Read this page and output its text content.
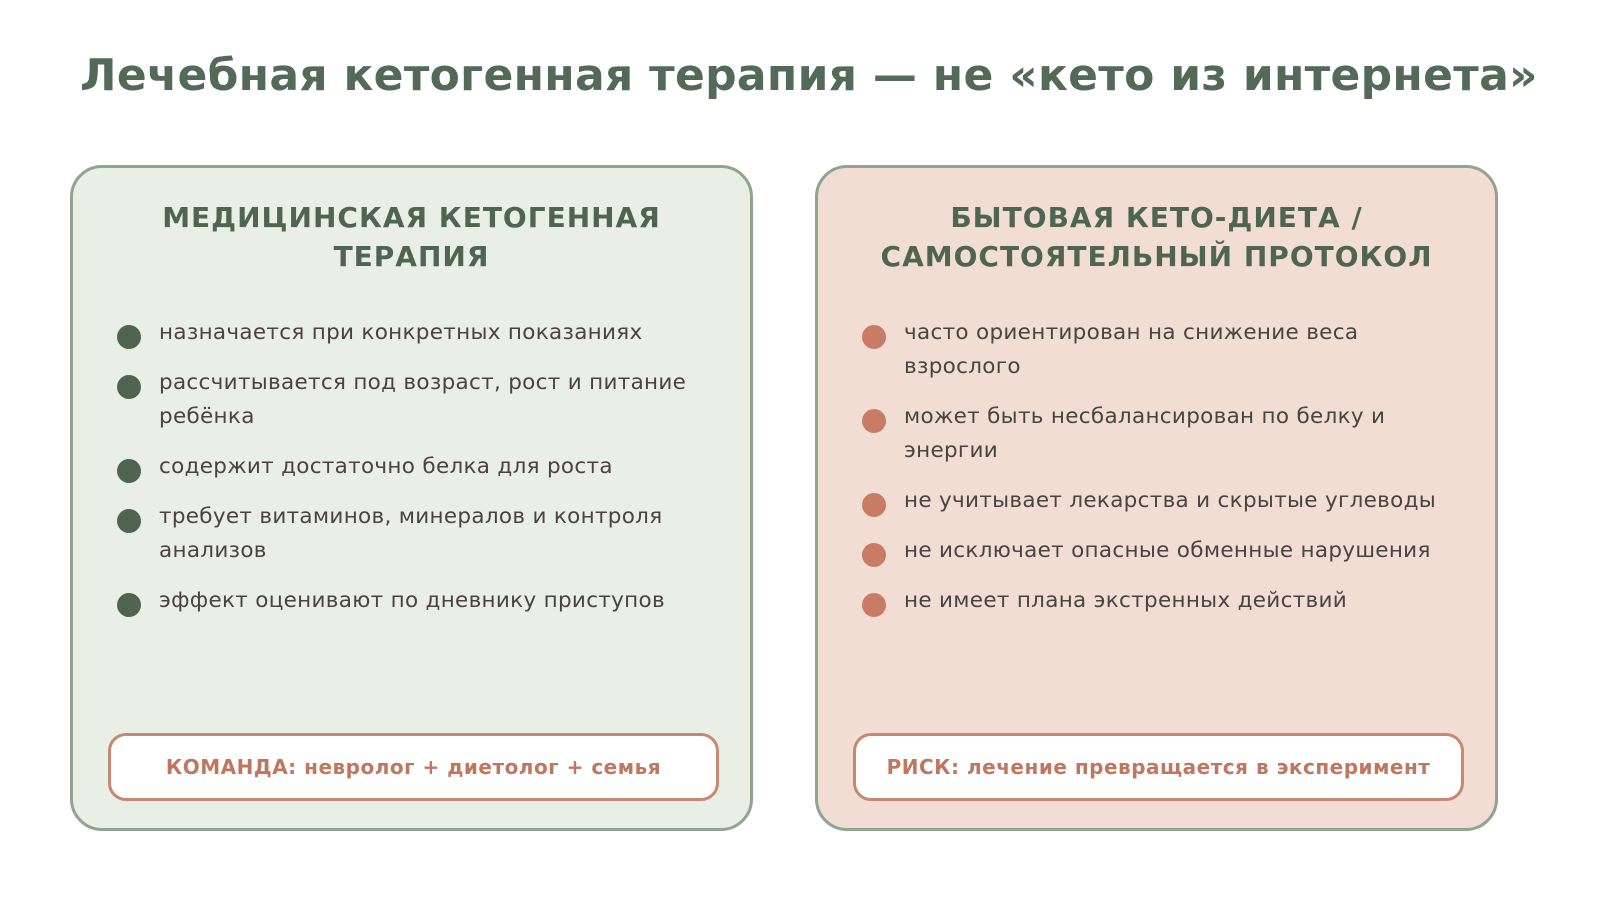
Лечебная кетогенная терапия — не «кето из интернета»
МЕДИЦИНСКАЯ КЕТОГЕННАЯ
ТЕРАПИЯ
назначается при конкретных показаниях
рассчитывается под возраст, рост и питание ребёнка
содержит достаточно белка для роста
требует витаминов, минералов и контроля анализов
эффект оценивают по дневнику приступов
КОМАНДА: невролог + диетолог + семья
БЫТОВАЯ КЕТО-ДИЕТА /
САМОСТОЯТЕЛЬНЫЙ ПРОТОКОЛ
часто ориентирован на снижение веса взрослого
может быть несбалансирован по белку и энергии
не учитывает лекарства и скрытые углеводы
не исключает опасные обменные нарушения
не имеет плана экстренных действий
РИСК: лечение превращается в эксперимент
